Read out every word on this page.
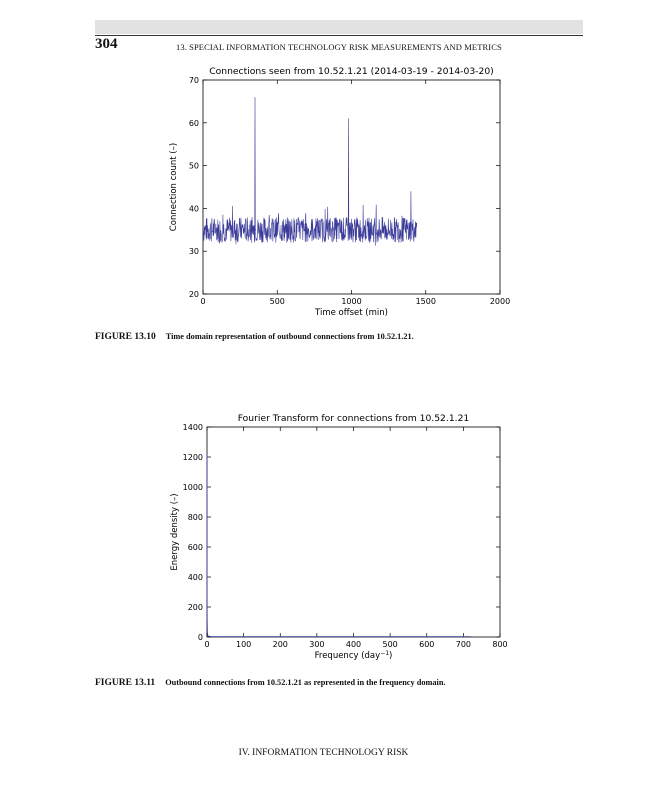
304	13. SPECIAL INFORMATION TECHNOLOGY RISK MEASUREMENTS AND METRICS
Connections seen from 10.52.1.21 (2014-03-19 - 2014-03-20)
0	500	1000	1500	2000
20
30
40
50
60
70
Time offset (min)
Connection count (–)
FIGURE 13.10 Time domain representation of outbound connections from 10.52.1.21.
Fourier Transform for connections from 10.52.1.21
0	100	200	300	400	500	600	700	800
0
200
400
600
800
1000
1200
1400
Frequency (day$^{-1}$)
Energy density (–)
FIGURE 13.11 Outbound connections from 10.52.1.21 as represented in the frequency domain.
IV. INFORMATION TECHNOLOGY RISK
